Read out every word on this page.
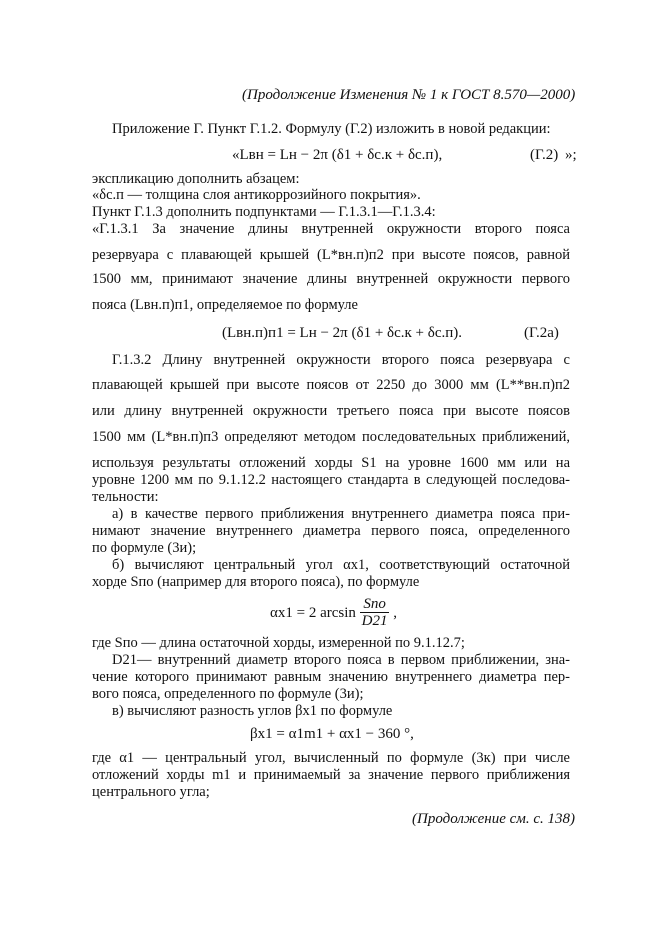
(Продолжение Изменения № 1 к ГОСТ 8.570—2000)
Приложение Г. Пункт Г.1.2. Формулу (Г.2) изложить в новой редакции:
«Lвн = Lн − 2π (δ1 + δс.к + δс.п),	(Г.2) »;
экспликацию дополнить абзацем:
«δс.п — толщина слоя антикоррозийного покрытия».
Пункт Г.1.3 дополнить подпунктами — Г.1.3.1—Г.1.3.4:
«Г.1.3.1 За значение длины внутренней окружности второго пояса
резервуара с плавающей крышей (L*вн.п)п2 при высоте поясов, равной
1500 мм, принимают значение длины внутренней окружности первого
пояса (Lвн.п)п1, определяемое по формуле
(Lвн.п)п1 = Lн − 2π (δ1 + δс.к + δс.п).	(Г.2а)
Г.1.3.2 Длину внутренней окружности второго пояса резервуара с
плавающей крышей при высоте поясов от 2250 до 3000 мм (L**вн.п)п2
или длину внутренней окружности третьего пояса при высоте поясов
1500 мм (L*вн.п)п3 определяют методом последовательных приближений,
используя результаты отложений хорды S1 на уровне 1600 мм или на
уровне 1200 мм по 9.1.12.2 настоящего стандарта в следующей последова-
тельности:
а) в качестве первого приближения внутреннего диаметра пояса при-
нимают значение внутреннего диаметра первого пояса, определенного
по формуле (3и);
б) вычисляют центральный угол αx1, соответствующий остаточной
хорде Sпо (например для второго пояса), по формуле
αx1 = 2 $\arcsin \frac{\text{Sпо}}{D21}$ ,
где Sпо — длина остаточной хорды, измеренной по 9.1.12.7;
D21— внутренний диаметр второго пояса в первом приближении, зна-
чение которого принимают равным значению внутреннего диаметра пер-
вого пояса, определенного по формуле (3и);
в) вычисляют разность углов βx1 по формуле
βx1 = α1m1 + αx1 − 360 °,
где α1 — центральный угол, вычисленный по формуле (3к) при числе
отложений хорды m1 и принимаемый за значение первого приближения
центрального угла;
(Продолжение см. с. 138)
